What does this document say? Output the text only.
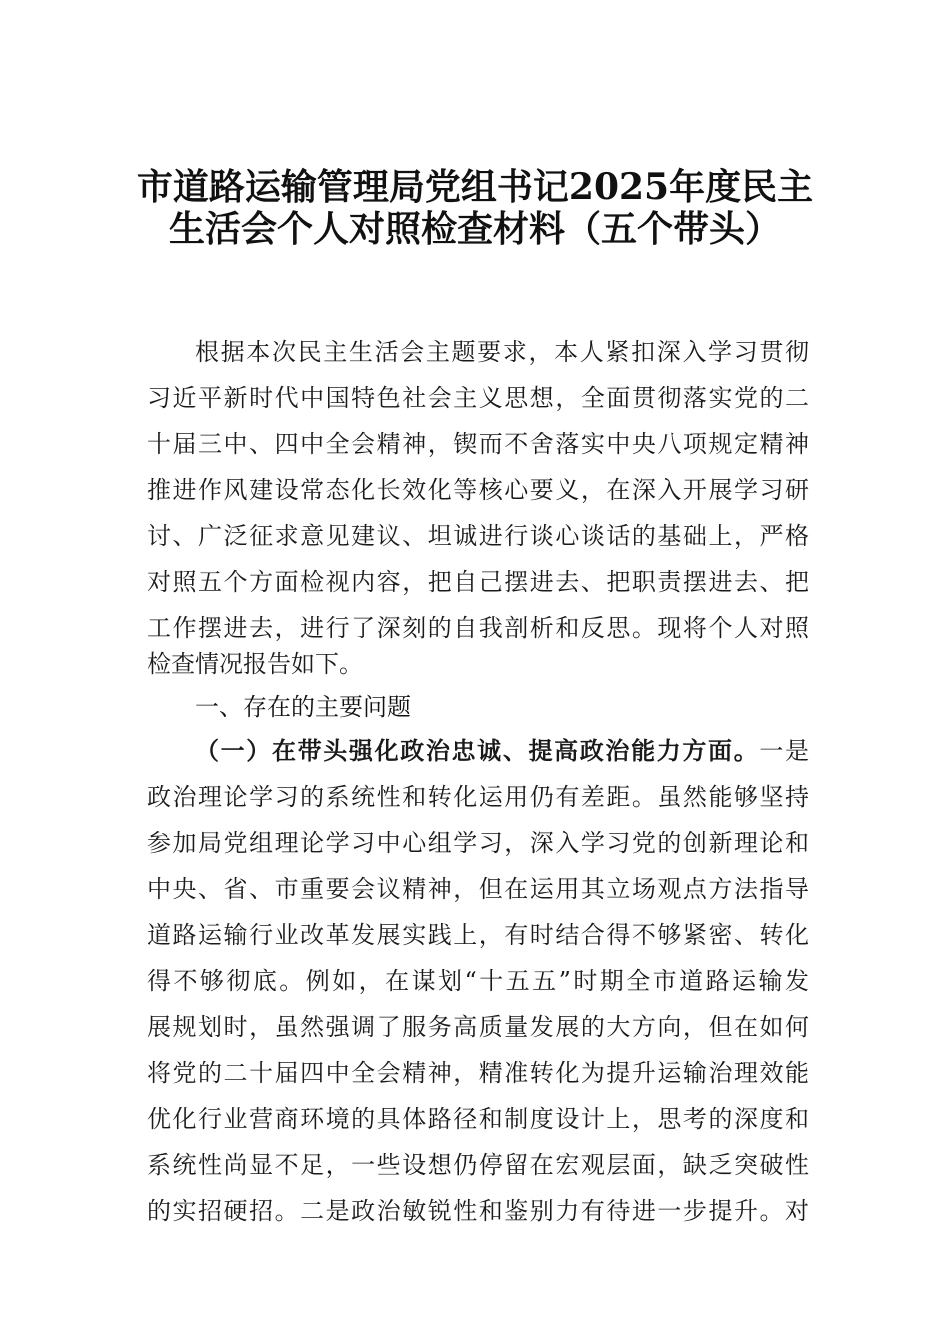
市道路运输管理局党组书记2025年度民主
生活会个人对照检查材料（五个带头）
根据本次民主生活会主题要求，本人紧扣深入学习贯彻
习近平新时代中国特色社会主义思想，全面贯彻落实党的二
十届三中、四中全会精神，锲而不舍落实中央八项规定精神
推进作风建设常态化长效化等核心要义，在深入开展学习研
讨、广泛征求意见建议、坦诚进行谈心谈话的基础上，严格
对照五个方面检视内容，把自己摆进去、把职责摆进去、把
工作摆进去，进行了深刻的自我剖析和反思。现将个人对照
检查情况报告如下。
一、存在的主要问题
（一）在带头强化政治忠诚、提高政治能力方面。一是
政治理论学习的系统性和转化运用仍有差距。虽然能够坚持
参加局党组理论学习中心组学习，深入学习党的创新理论和
中央、省、市重要会议精神，但在运用其立场观点方法指导
道路运输行业改革发展实践上，有时结合得不够紧密、转化
得不够彻底。例如，在谋划“十五五”时期全市道路运输发
展规划时，虽然强调了服务高质量发展的大方向，但在如何
将党的二十届四中全会精神，精准转化为提升运输治理效能
优化行业营商环境的具体路径和制度设计上，思考的深度和
系统性尚显不足，一些设想仍停留在宏观层面，缺乏突破性
的实招硬招。二是政治敏锐性和鉴别力有待进一步提升。对
